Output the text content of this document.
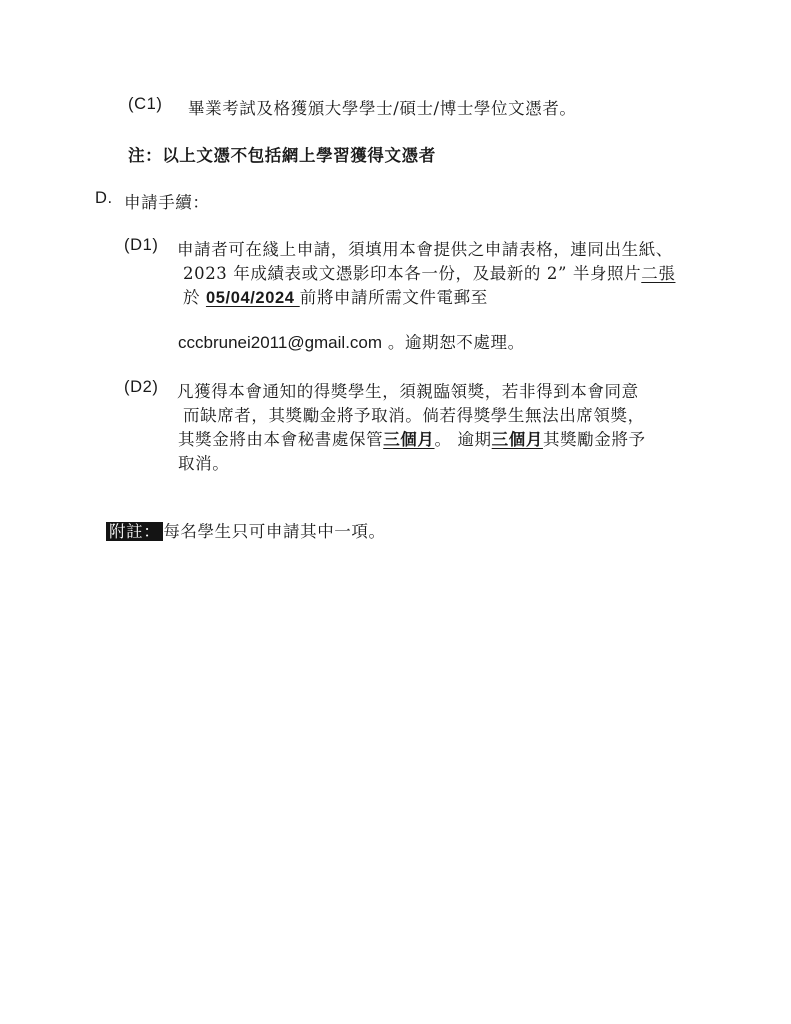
(C1) 畢業考試及格獲頒大學學士/碩士/博士學位文憑者。
注：以上文憑不包括網上學習獲得文憑者
D. 申請手續：
(D1) 申請者可在綫上申請，須填用本會提供之申請表格，連同出生紙、
2023 年成績表或文憑影印本各一份，及最新的 2” 半身照片二張
於 05/04/2024 前將申請所需文件電郵至
cccbrunei2011@gmail.com 。逾期恕不處理。
(D2) 凡獲得本會通知的得獎學生，須親臨領獎，若非得到本會同意
而缺席者，其獎勵金將予取消。倘若得獎學生無法出席領獎，
其獎金將由本會秘書處保管三個月。 逾期三個月其獎勵金將予
取消。
附註： 每名學生只可申請其中一項。
